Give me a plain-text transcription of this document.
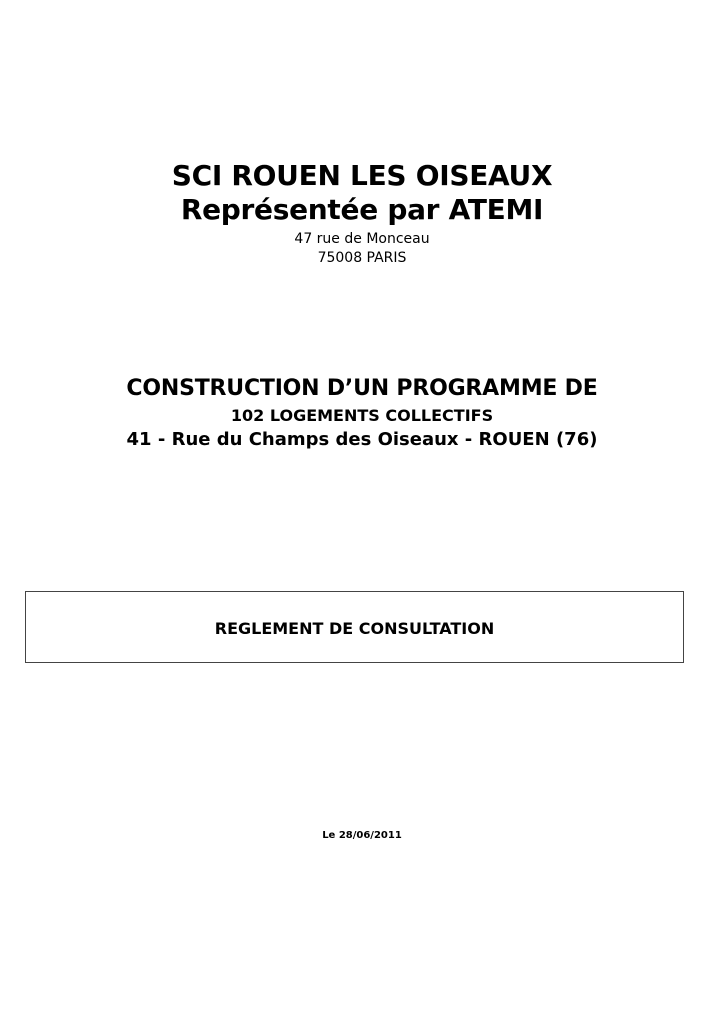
SCI ROUEN LES OISEAUX
Représentée par ATEMI
47 rue de Monceau
75008 PARIS
CONSTRUCTION D’UN PROGRAMME DE
102 LOGEMENTS COLLECTIFS
41 - Rue du Champs des Oiseaux - ROUEN (76)
REGLEMENT DE CONSULTATION
Le 28/06/2011
